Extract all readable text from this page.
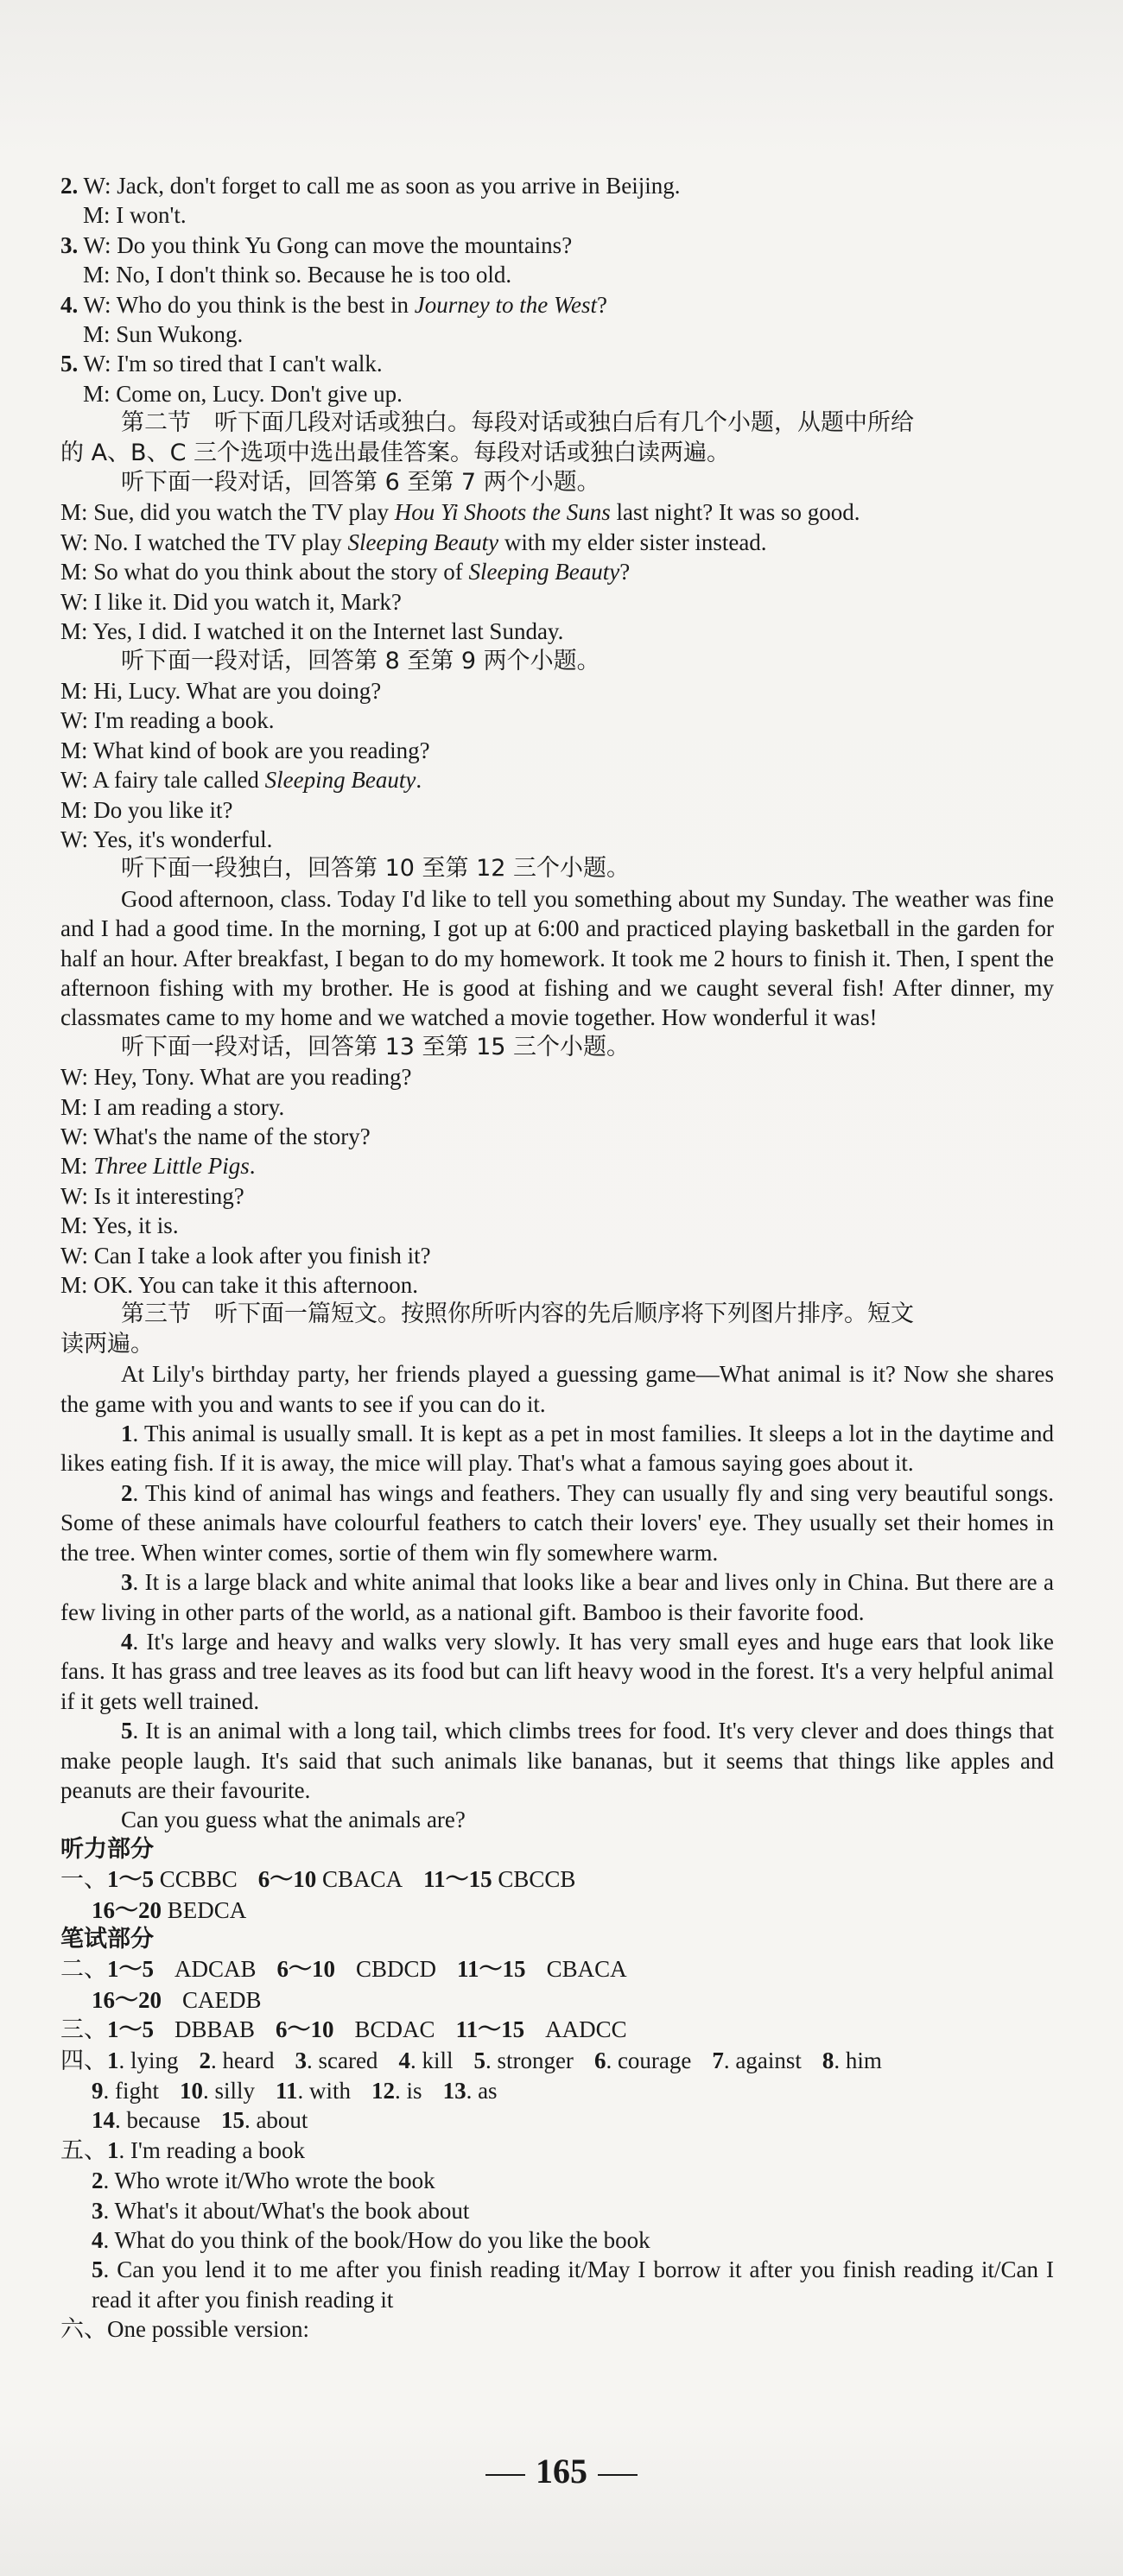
2. W: Jack, don't forget to call me as soon as you arrive in Beijing.
M: I won't.
3. W: Do you think Yu Gong can move the mountains?
M: No, I don't think so. Because he is too old.
4. W: Who do you think is the best in Journey to the West?
M: Sun Wukong.
5. W: I'm so tired that I can't walk.
M: Come on, Lucy. Don't give up.
第二节　听下面几段对话或独白。每段对话或独白后有几个小题，从题中所给
的 A、B、C 三个选项中选出最佳答案。每段对话或独白读两遍。
听下面一段对话，回答第 6 至第 7 两个小题。
M: Sue, did you watch the TV play Hou Yi Shoots the Suns last night? It was so good.
W: No. I watched the TV play Sleeping Beauty with my elder sister instead.
M: So what do you think about the story of Sleeping Beauty?
W: I like it. Did you watch it, Mark?
M: Yes, I did. I watched it on the Internet last Sunday.
听下面一段对话，回答第 8 至第 9 两个小题。
M: Hi, Lucy. What are you doing?
W: I'm reading a book.
M: What kind of book are you reading?
W: A fairy tale called Sleeping Beauty.
M: Do you like it?
W: Yes, it's wonderful.
听下面一段独白，回答第 10 至第 12 三个小题。
Good afternoon, class. Today I'd like to tell you something about my Sunday. The weather was fine and I had a good time. In the morning, I got up at 6:00 and practiced playing basketball in the garden for half an hour. After breakfast, I began to do my homework. It took me 2 hours to finish it. Then, I spent the afternoon fishing with my brother. He is good at fishing and we caught several fish! After dinner, my classmates came to my home and we watched a movie together. How wonderful it was!
听下面一段对话，回答第 13 至第 15 三个小题。
W: Hey, Tony. What are you reading?
M: I am reading a story.
W: What's the name of the story?
M: Three Little Pigs.
W: Is it interesting?
M: Yes, it is.
W: Can I take a look after you finish it?
M: OK. You can take it this afternoon.
第三节　听下面一篇短文。按照你所听内容的先后顺序将下列图片排序。短文
读两遍。
At Lily's birthday party, her friends played a guessing game—What animal is it? Now she shares the game with you and wants to see if you can do it.
1. This animal is usually small. It is kept as a pet in most families. It sleeps a lot in the daytime and likes eating fish. If it is away, the mice will play. That's what a famous saying goes about it.
2. This kind of animal has wings and feathers. They can usually fly and sing very beautiful songs. Some of these animals have colourful feathers to catch their lovers' eye. They usually set their homes in the tree. When winter comes, sortie of them win fly somewhere warm.
3. It is a large black and white animal that looks like a bear and lives only in China. But there are a few living in other parts of the world, as a national gift. Bamboo is their favorite food.
4. It's large and heavy and walks very slowly. It has very small eyes and huge ears that look like fans. It has grass and tree leaves as its food but can lift heavy wood in the forest. It's a very helpful animal if it gets well trained.
5. It is an animal with a long tail, which climbs trees for food. It's very clever and does things that make people laugh. It's said that such animals like bananas, but it seems that things like apples and peanuts are their favourite.
Can you guess what the animals are?
听力部分
一、1～5 CCBBC 6～10 CBACA 11～15 CBCCB
16～20 BEDCA
笔试部分
二、1～5 ADCAB 6～10 CBDCD 11～15 CBACA
16～20 CAEDB
三、1～5 DBBAB 6～10 BCDAC 11～15 AADCC
四、1. lying 2. heard 3. scared 4. kill 5. stronger 6. courage 7. against 8. him
9. fight 10. silly 11. with 12. is 13. as
14. because 15. about
五、1. I'm reading a book
2. Who wrote it/Who wrote the book
3. What's it about/What's the book about
4. What do you think of the book/How do you like the book
5. Can you lend it to me after you finish reading it/May I borrow it after you finish reading it/Can I read it after you finish reading it
六、One possible version:
165
